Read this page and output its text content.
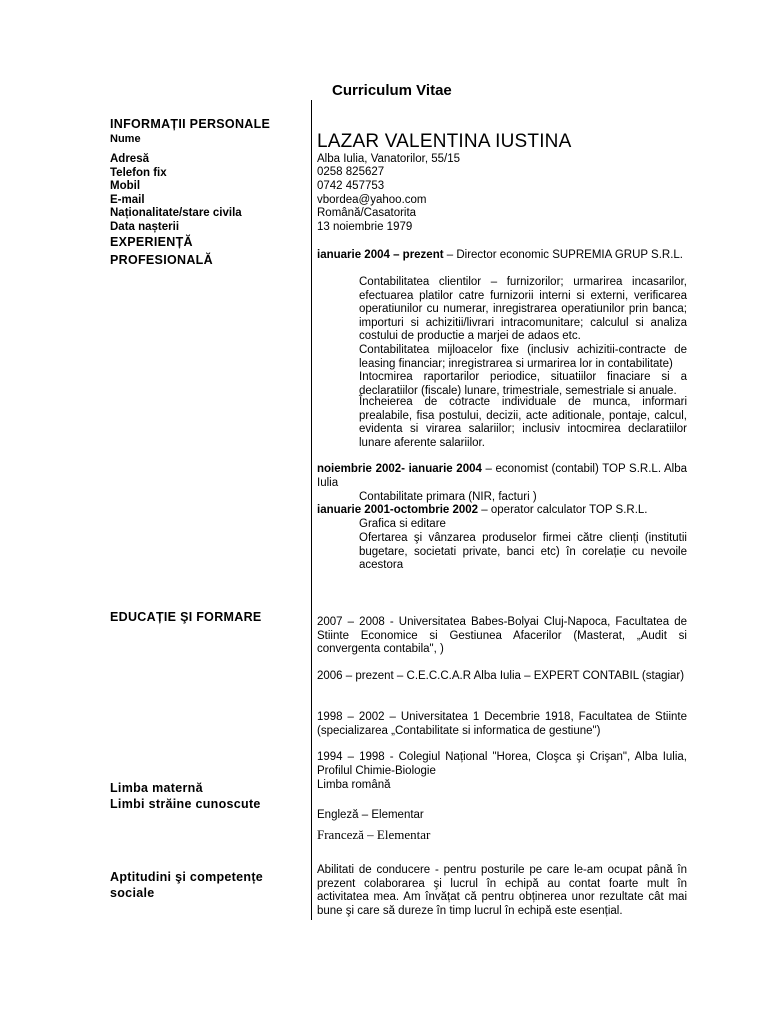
Curriculum Vitae
INFORMAȚII PERSONALE
Nume	LAZAR VALENTINA IUSTINA
Adresă	Alba Iulia, Vanatorilor, 55/15
Telefon fix	0258 825627
Mobil	0742 457753
E-mail	vbordea@yahoo.com
Naționalitate/stare civila	Română/Casatorita
Data nașterii	13 noiembrie 1979
EXPERIENȚĂ
PROFESIONALĂ	ianuarie 2004 – prezent – Director economic SUPREMIA GRUP S.R.L.
Contabilitatea clientilor – furnizorilor; urmarirea incasarilor, efectuarea platilor catre furnizorii interni si externi, verificarea operatiunilor cu numerar, inregistrarea operatiunilor prin banca; importuri si achizitii/livrari intracomunitare; calculul si analiza costului de productie a marjei de adaos etc.
Contabilitatea mijloacelor fixe (inclusiv achizitii-contracte de leasing financiar; inregistrarea si urmarirea lor in contabilitate)
Intocmirea raportarilor periodice, situatiilor finaciare si a declaratiilor (fiscale) lunare, trimestriale, semestriale si anuale.
Încheierea de cotracte individuale de munca, informari prealabile, fisa postului, decizii, acte aditionale, pontaje, calcul, evidenta si virarea salariilor; inclusiv intocmirea declaratiilor lunare aferente salariilor.
noiembrie 2002- ianuarie 2004 – economist (contabil) TOP S.R.L. Alba Iulia
Contabilitate primara (NIR, facturi )
ianuarie 2001-octombrie 2002 – operator calculator TOP S.R.L.
Grafica si editare
Ofertarea şi vânzarea produselor firmei către clienți (institutii bugetare, societati private, banci etc) în corelație cu nevoile acestora
EDUCAȚIE ŞI FORMARE	2007 – 2008 - Universitatea Babes-Bolyai Cluj-Napoca, Facultatea de Stiinte Economice si Gestiunea Afacerilor (Masterat, „Audit si convergenta contabila", )
2006 – prezent – C.E.C.C.A.R Alba Iulia – EXPERT CONTABIL (stagiar)
1998 – 2002 – Universitatea 1 Decembrie 1918, Facultatea de Stiinte (specializarea „Contabilitate si informatica de gestiune")
1994 – 1998 - Colegiul Național "Horea, Cloşca şi Crişan", Alba Iulia, Profilul Chimie-Biologie
Limba maternă	Limba română
Limbi străine cunoscute
Engleză – Elementar
Franceză – Elementar
Aptitudini şi competențe
sociale
Abilitati de conducere - pentru posturile pe care le-am ocupat până în prezent colaborarea şi lucrul în echipă au contat foarte mult în activitatea mea. Am învățat că pentru obținerea unor rezultate cât mai bune şi care să dureze în timp lucrul în echipă este esențial.
